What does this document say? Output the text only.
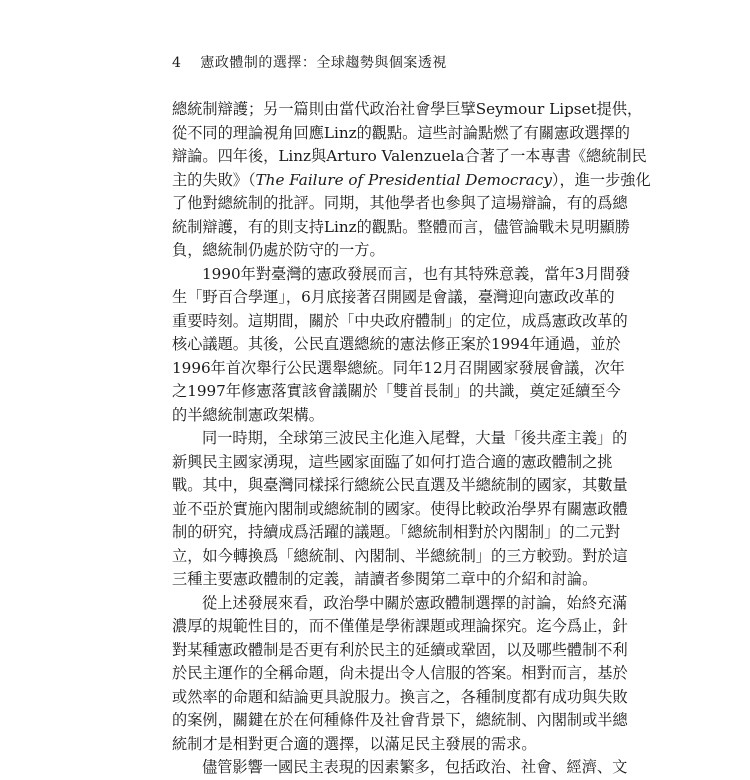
4 憲政體制的選擇：全球趨勢與個案透視
總統制辯護；另一篇則由當代政治社會學巨擘Seymour Lipset提供，
從不同的理論視角回應Linz的觀點。這些討論點燃了有關憲政選擇的
辯論。四年後，Linz與Arturo Valenzuela合著了一本專書《總統制民
主的失敗》（The Failure of Presidential Democracy），進一步強化
了他對總統制的批評。同期，其他學者也參與了這場辯論，有的爲總
統制辯護，有的則支持Linz的觀點。整體而言，儘管論戰未見明顯勝
負，總統制仍處於防守的一方。
1990年對臺灣的憲政發展而言，也有其特殊意義，當年3月間發
生「野百合學運」，6月底接著召開國是會議，臺灣迎向憲政改革的
重要時刻。這期間，關於「中央政府體制」的定位，成爲憲政改革的
核心議題。其後，公民直選總統的憲法修正案於1994年通過，並於
1996年首次舉行公民選舉總統。同年12月召開國家發展會議，次年
之1997年修憲落實該會議關於「雙首長制」的共識，奠定延續至今
的半總統制憲政架構。
同一時期，全球第三波民主化進入尾聲，大量「後共產主義」的
新興民主國家湧現，這些國家面臨了如何打造合適的憲政體制之挑
戰。其中，與臺灣同樣採行總統公民直選及半總統制的國家，其數量
並不亞於實施內閣制或總統制的國家。使得比較政治學界有關憲政體
制的研究，持續成爲活躍的議題。「總統制相對於內閣制」的二元對
立，如今轉換爲「總統制、內閣制、半總統制」的三方較勁。對於這
三種主要憲政體制的定義，請讀者參閱第二章中的介紹和討論。
從上述發展來看，政治學中關於憲政體制選擇的討論，始終充滿
濃厚的規範性目的，而不僅僅是學術課題或理論探究。迄今爲止，針
對某種憲政體制是否更有利於民主的延續或鞏固，以及哪些體制不利
於民主運作的全稱命題，尙未提出令人信服的答案。相對而言，基於
或然率的命題和結論更具說服力。換言之，各種制度都有成功與失敗
的案例，關鍵在於在何種條件及社會背景下，總統制、內閣制或半總
統制才是相對更合適的選擇，以滿足民主發展的需求。
儘管影響一國民主表現的因素繁多，包括政治、社會、經濟、文
